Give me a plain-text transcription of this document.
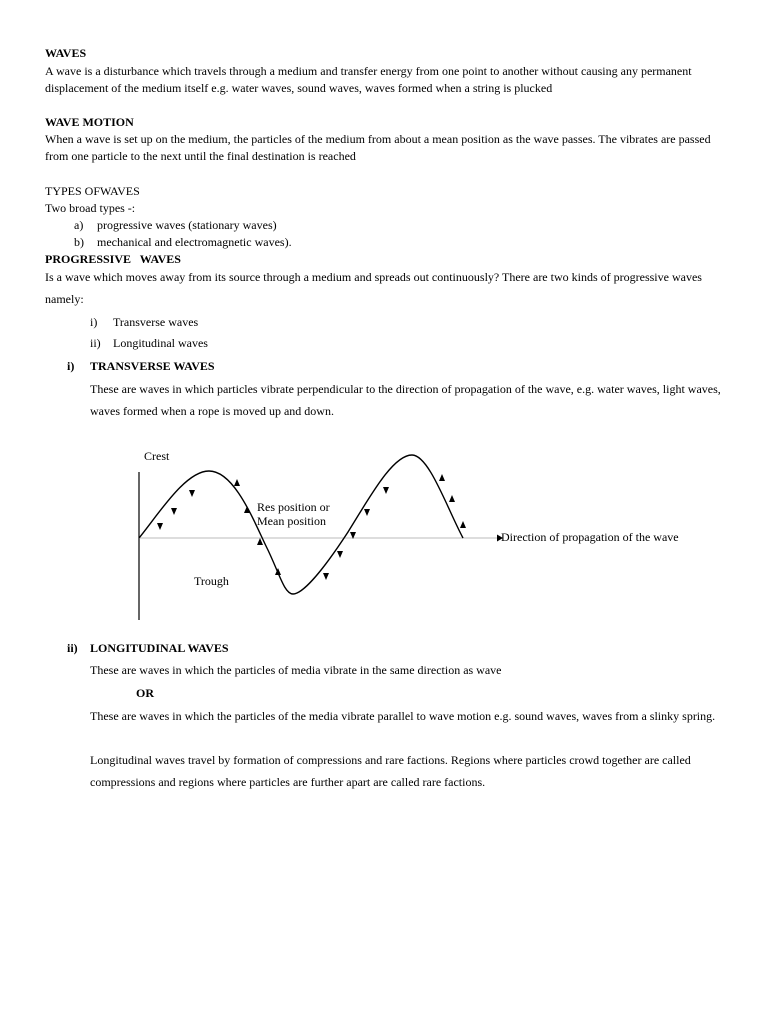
WAVES
A wave is a disturbance which travels through a medium and transfer energy from one point to another without causing any permanent displacement of the medium itself e.g. water waves, sound waves, waves formed when a string is plucked
WAVE MOTION
When a wave is set up on the medium, the particles of the medium from about a mean position as the wave passes. The vibrates are passed from one particle to the next until the final destination is reached
TYPES OFWAVES
Two broad types -:
a) progressive waves (stationary waves)
b) mechanical and electromagnetic waves).
PROGRESSIVE   WAVES
Is a wave which moves away from its source through a medium and spreads out continuously? There are two kinds of progressive waves namely:
i) Transverse waves
ii) Longitudinal waves
i) TRANSVERSE WAVES
These are waves in which particles vibrate perpendicular to the direction of propagation of the wave, e.g. water waves, light waves, waves formed when a rope is moved up and down.
Crest
Res position or
Mean position
Direction of propagation of the wave
Trough
ii) LONGITUDINAL WAVES
These are waves in which the particles of media vibrate in the same direction as wave
OR
These are waves in which the particles of the media vibrate parallel to wave motion e.g. sound waves, waves from a slinky spring.
Longitudinal waves travel by formation of compressions and rare factions. Regions where particles crowd together are called compressions and regions where particles are further apart are called rare factions.
